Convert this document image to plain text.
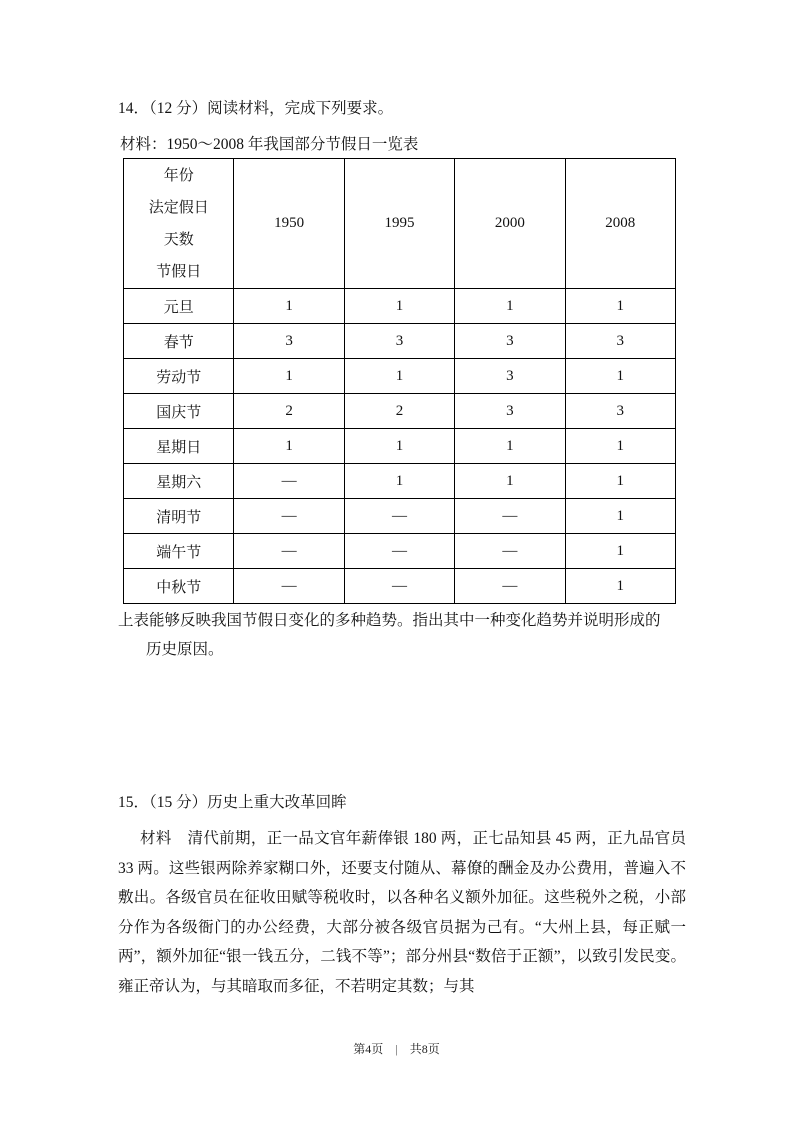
14．（12 分）阅读材料，完成下列要求。
材料：1950～2008 年我国部分节假日一览表
年份
法定假日
天数
节假日	1950	1995	2000	2008
元旦	1	1	1	1
春节	3	3	3	3
劳动节	1	1	3	1
国庆节	2	2	3	3
星期日	1	1	1	1
星期六	—	1	1	1
清明节	—	—	—	1
端午节	—	—	—	1
中秋节	—	—	—	1
上表能够反映我国节假日变化的多种趋势。指出其中一种变化趋势并说明形成的
历史原因。
15．（15 分）历史上重大改革回眸
材料　清代前期，正一品文官年薪俸银 180 两，正七品知县 45 两，正九品官员 33 两。这些银两除养家糊口外，还要支付随从、幕僚的酬金及办公费用，普遍入不敷出。各级官员在征收田赋等税收时，以各种名义额外加征。这些税外之税，小部分作为各级衙门的办公经费，大部分被各级官员据为己有。“大州上县，每正赋一两”，额外加征“银一钱五分，二钱不等”；部分州县“数倍于正额”，以致引发民变。雍正帝认为，与其暗取而多征，不若明定其数；与其
第4页 | 共8页
